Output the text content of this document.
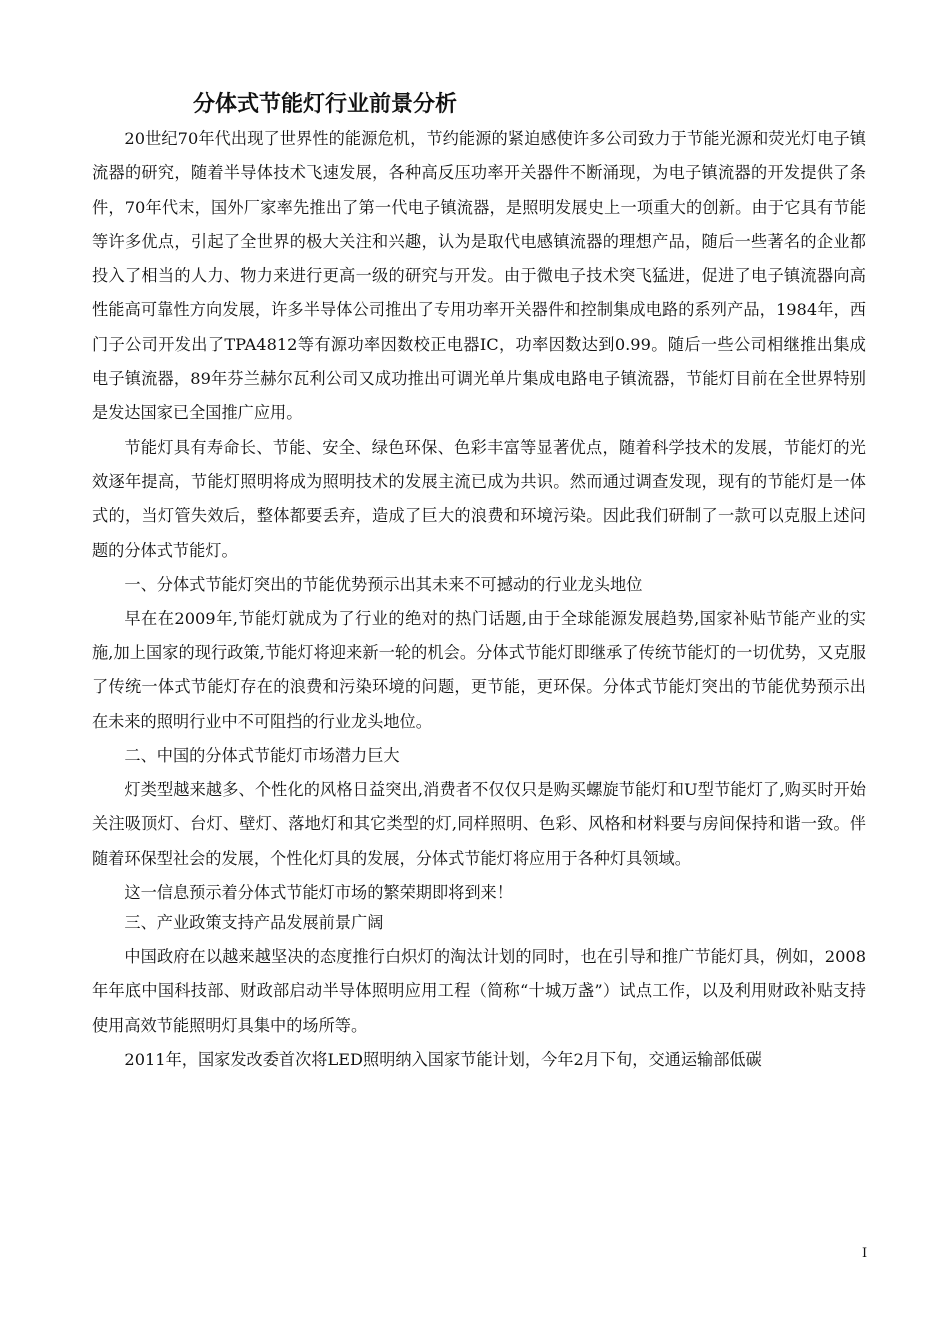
分体式节能灯行业前景分析

20世纪70年代出现了世界性的能源危机，节约能源的紧迫感使许多公司致力于节能光源和荧光灯电子镇流器的研究，随着半导体技术飞速发展，各种高反压功率开关器件不断涌现，为电子镇流器的开发提供了条件，70年代末，国外厂家率先推出了第一代电子镇流器，是照明发展史上一项重大的创新。由于它具有节能等许多优点，引起了全世界的极大关注和兴趣，认为是取代电感镇流器的理想产品，随后一些著名的企业都投入了相当的人力、物力来进行更高一级的研究与开发。由于微电子技术突飞猛进，促进了电子镇流器向高性能高可靠性方向发展，许多半导体公司推出了专用功率开关器件和控制集成电路的系列产品，1984年，西门子公司开发出了TPA4812等有源功率因数校正电器IC，功率因数达到0.99。随后一些公司相继推出集成电子镇流器，89年芬兰赫尔瓦利公司又成功推出可调光单片集成电路电子镇流器，节能灯目前在全世界特别是发达国家已全国推广应用。

节能灯具有寿命长、节能、安全、绿色环保、色彩丰富等显著优点，随着科学技术的发展，节能灯的光效逐年提高，节能灯照明将成为照明技术的发展主流已成为共识。然而通过调查发现，现有的节能灯是一体式的，当灯管失效后，整体都要丢弃，造成了巨大的浪费和环境污染。因此我们研制了一款可以克服上述问题的分体式节能灯。

一、分体式节能灯突出的节能优势预示出其未来不可撼动的行业龙头地位

早在在2009年,节能灯就成为了行业的绝对的热门话题,由于全球能源发展趋势,国家补贴节能产业的实施,加上国家的现行政策,节能灯将迎来新一轮的机会。分体式节能灯即继承了传统节能灯的一切优势，又克服了传统一体式节能灯存在的浪费和污染环境的问题，更节能，更环保。分体式节能灯突出的节能优势预示出在未来的照明行业中不可阻挡的行业龙头地位。

二、中国的分体式节能灯市场潜力巨大

灯类型越来越多、个性化的风格日益突出,消费者不仅仅只是购买螺旋节能灯和U型节能灯了,购买时开始关注吸顶灯、台灯、壁灯、落地灯和其它类型的灯,同样照明、色彩、风格和材料要与房间保持和谐一致。伴随着环保型社会的发展，个性化灯具的发展，分体式节能灯将应用于各种灯具领域。

这一信息预示着分体式节能灯市场的繁荣期即将到来！

三、产业政策支持产品发展前景广阔

中国政府在以越来越坚决的态度推行白炽灯的淘汰计划的同时，也在引导和推广节能灯具，例如，2008年年底中国科技部、财政部启动半导体照明应用工程（简称“十城万盏”）试点工作，以及利用财政补贴支持使用高效节能照明灯具集中的场所等。

2011年，国家发改委首次将LED照明纳入国家节能计划，今年2月下旬，交通运输部低碳

I
